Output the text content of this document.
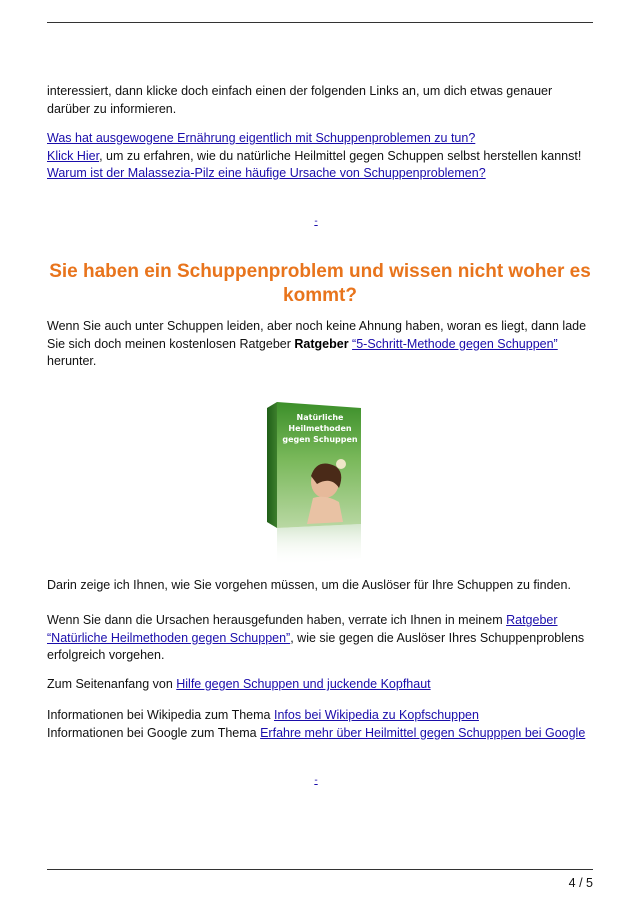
interessiert, dann klicke doch einfach einen der folgenden Links an, um dich etwas genauer darüber zu informieren.
Was hat ausgewogene Ernährung eigentlich mit Schuppenproblemen zu tun?
Klick Hier, um zu erfahren, wie du natürliche Heilmittel gegen Schuppen selbst herstellen kannst!
Warum ist der Malassezia-Pilz eine häufige Ursache von Schuppenproblemen?
-
Sie haben ein Schuppenproblem und wissen nicht woher es kommt?
Wenn Sie auch unter Schuppen leiden, aber noch keine Ahnung haben, woran es liegt, dann lade Sie sich doch meinen kostenlosen Ratgeber Ratgeber “5-Schritt-Methode gegen Schuppen” herunter.
Natürliche
Heilmethoden
gegen Schuppen
Darin zeige ich Ihnen, wie Sie vorgehen müssen, um die Auslöser für Ihre Schuppen zu finden.
Wenn Sie dann die Ursachen herausgefunden haben, verrate ich Ihnen in meinem Ratgeber “Natürliche Heilmethoden gegen Schuppen”, wie sie gegen die Auslöser Ihres Schuppenproblens erfolgreich vorgehen.
Zum Seitenanfang von Hilfe gegen Schuppen und juckende Kopfhaut
Informationen bei Wikipedia zum Thema Infos bei Wikipedia zu Kopfschuppen
Informationen bei Google zum Thema Erfahre mehr über Heilmittel gegen Schupppen bei Google
-
4 / 5
